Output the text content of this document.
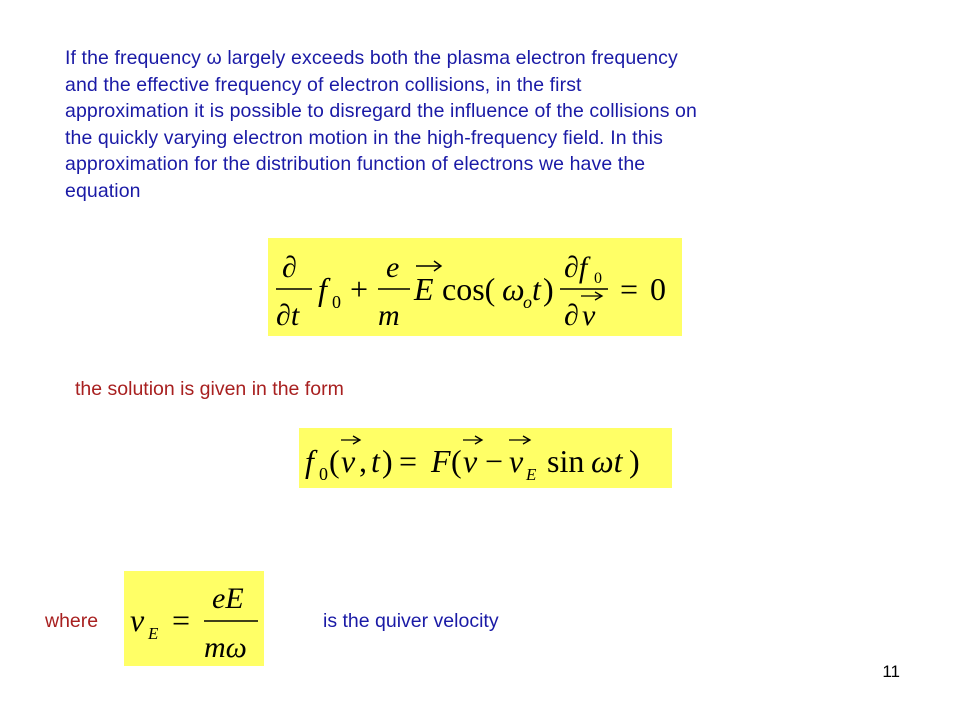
If the frequency ω largely exceeds both the plasma electron frequency
and the effective frequency of electron collisions, in the first
approximation it is possible to disregard the influence of the collisions on
the quickly varying electron motion in the high-frequency field. In this
approximation for the distribution function of electrons we have the
equation

∂
∂t
f 0 +
e
m
E cos( ω
o t )
∂f 0
∂ v
= 0
the solution is given in the form
f 0 ( v , t ) = F ( v − v E sin ωt )
where v E =
eE
mω
is the quiver velocity
11
